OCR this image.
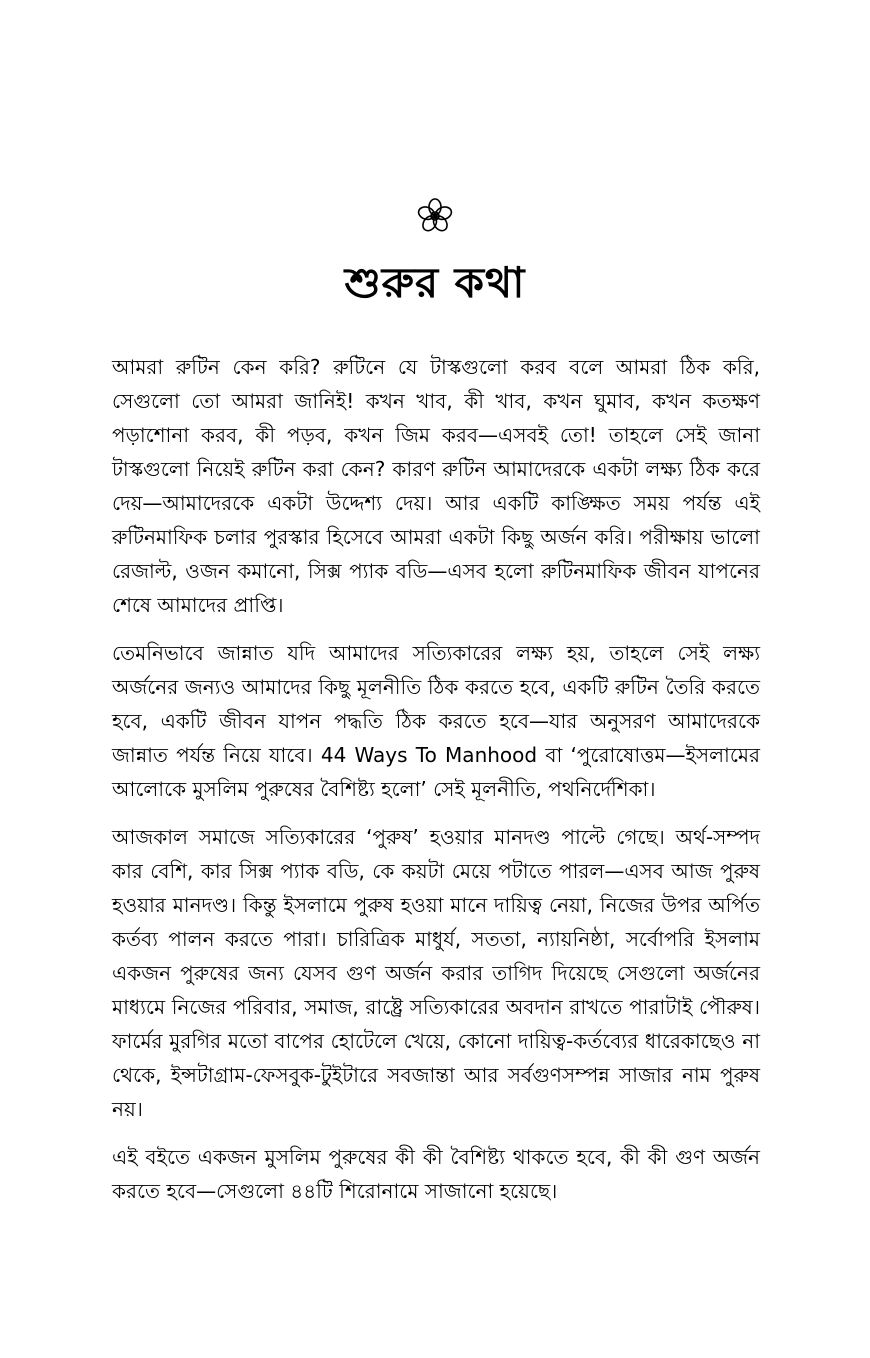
শুরুর কথা

আমরা রুটিন কেন করি? রুটিনে যে টাস্কগুলো করব বলে আমরা ঠিক করি, সেগুলো তো আমরা জানিই! কখন খাব, কী খাব, কখন ঘুমাব, কখন কতক্ষণ পড়াশোনা করব, কী পড়ব, কখন জিম করব—এসবই তো! তাহলে সেই জানা টাস্কগুলো নিয়েই রুটিন করা কেন? কারণ রুটিন আমাদেরকে একটা লক্ষ্য ঠিক করে দেয়—আমাদেরকে একটা উদ্দেশ্য দেয়। আর একটি কাঙ্ক্ষিত সময় পর্যন্ত এই রুটিনমাফিক চলার পুরস্কার হিসেবে আমরা একটা কিছু অর্জন করি। পরীক্ষায় ভালো রেজাল্ট, ওজন কমানো, সিক্স প্যাক বডি—এসব হলো রুটিনমাফিক জীবন যাপনের শেষে আমাদের প্রাপ্তি।

তেমনিভাবে জান্নাত যদি আমাদের সত্যিকারের লক্ষ্য হয়, তাহলে সেই লক্ষ্য অর্জনের জন্যও আমাদের কিছু মূলনীতি ঠিক করতে হবে, একটি রুটিন তৈরি করতে হবে, একটি জীবন যাপন পদ্ধতি ঠিক করতে হবে—যার অনুসরণ আমাদেরকে জান্নাত পর্যন্ত নিয়ে যাবে। 44 Ways To Manhood বা ‘পুরোষোত্তম—ইসলামের আলোকে মুসলিম পুরুষের বৈশিষ্ট্য হলো’ সেই মূলনীতি, পথনির্দেশিকা।

আজকাল সমাজে সত্যিকারের ‘পুরুষ’ হওয়ার মানদণ্ড পাল্টে গেছে। অর্থ-সম্পদ কার বেশি, কার সিক্স প্যাক বডি, কে কয়টা মেয়ে পটাতে পারল—এসব আজ পুরুষ হওয়ার মানদণ্ড। কিন্তু ইসলামে পুরুষ হওয়া মানে দায়িত্ব নেয়া, নিজের উপর অর্পিত কর্তব্য পালন করতে পারা। চারিত্রিক মাধুর্য, সততা, ন্যায়নিষ্ঠা, সর্বোপরি ইসলাম একজন পুরুষের জন্য যেসব গুণ অর্জন করার তাগিদ দিয়েছে সেগুলো অর্জনের মাধ্যমে নিজের পরিবার, সমাজ, রাষ্ট্রে সত্যিকারের অবদান রাখতে পারাটাই পৌরুষ। ফার্মের মুরগির মতো বাপের হোটেলে খেয়ে, কোনো দায়িত্ব-কর্তব্যের ধারেকাছেও না থেকে, ইন্সটাগ্রাম-ফেসবুক-টুইটারে সবজান্তা আর সর্বগুণসম্পন্ন সাজার নাম পুরুষ নয়।

এই বইতে একজন মুসলিম পুরুষের কী কী বৈশিষ্ট্য থাকতে হবে, কী কী গুণ অর্জন করতে হবে—সেগুলো ৪৪টি শিরোনামে সাজানো হয়েছে।
